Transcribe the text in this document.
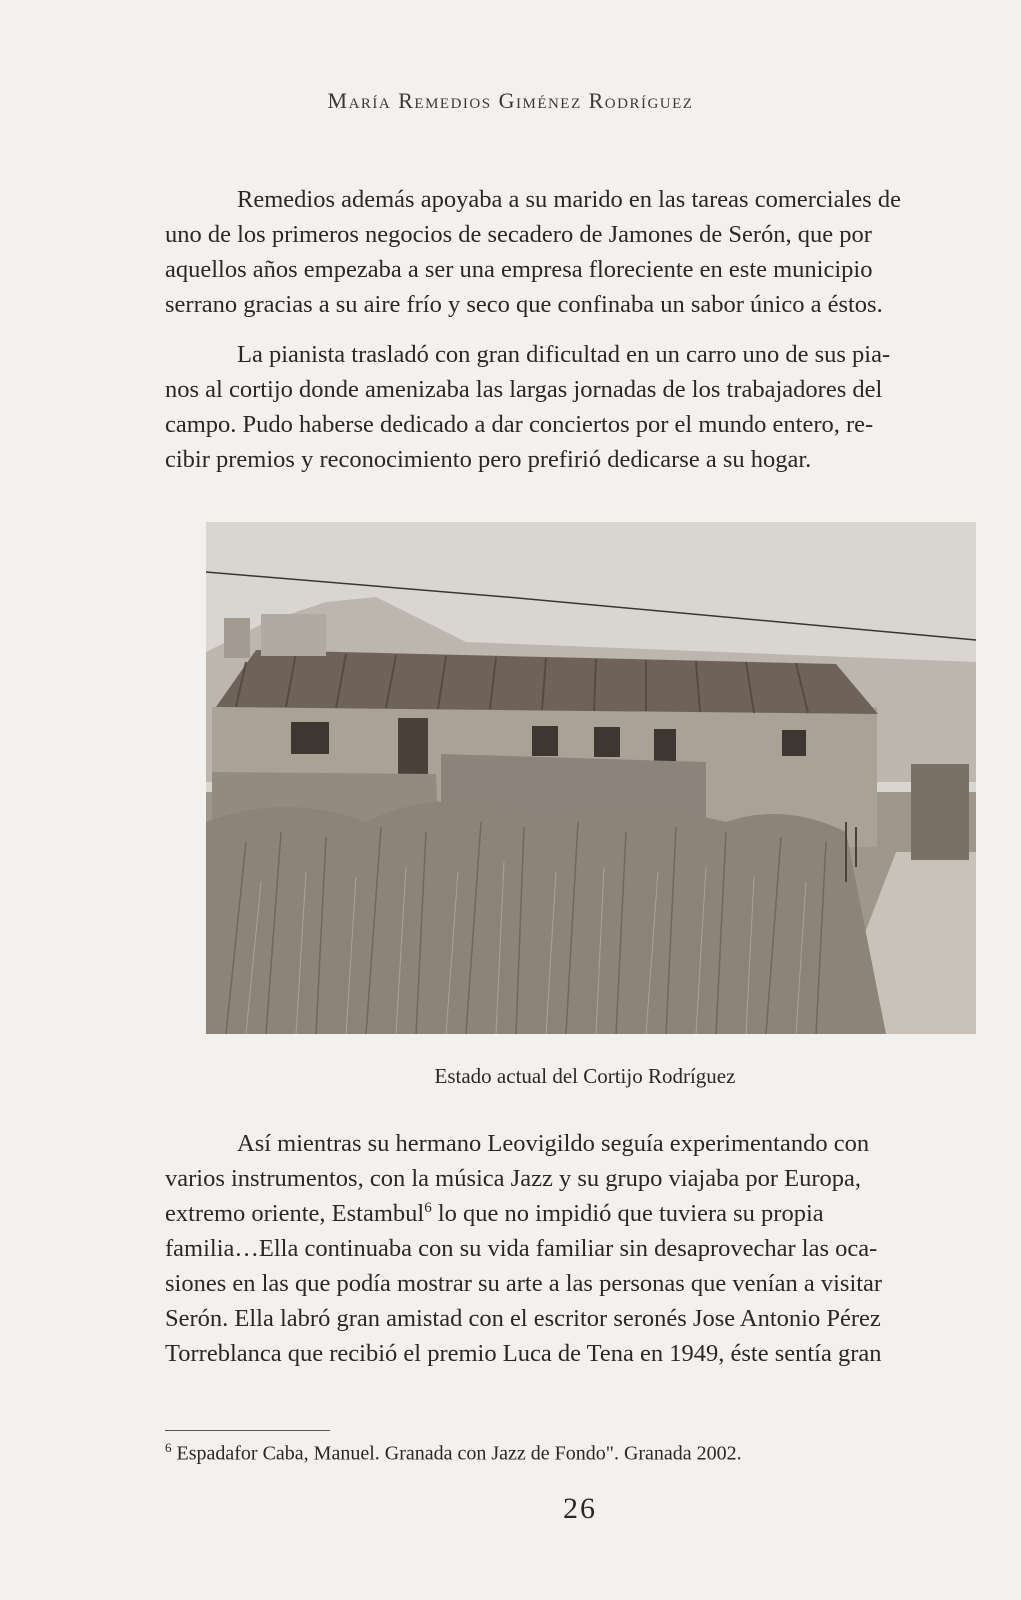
María Remedios Giménez Rodríguez
Remedios además apoyaba a su marido en las tareas comerciales de
uno de los primeros negocios de secadero de Jamones de Serón, que por
aquellos años empezaba a ser una empresa floreciente en este municipio
serrano gracias a su aire frío y seco que confinaba un sabor único a éstos.
La pianista trasladó con gran dificultad en un carro uno de sus pia-
nos al cortijo donde amenizaba las largas jornadas de los trabajadores del
campo. Pudo haberse dedicado a dar conciertos por el mundo entero, re-
cibir premios y reconocimiento pero prefirió dedicarse a su hogar.
Estado actual del Cortijo Rodríguez
Así mientras su hermano Leovigildo seguía experimentando con
varios instrumentos, con la música Jazz y su grupo viajaba por Europa,
extremo oriente, Estambul$^6$ lo que no impidió que tuviera su propia
familia…Ella continuaba con su vida familiar sin desaprovechar las oca-
siones en las que podía mostrar su arte a las personas que venían a visitar
Serón. Ella labró gran amistad con el escritor seronés Jose Antonio Pérez
Torreblanca que recibió el premio Luca de Tena en 1949, éste sentía gran
$^6$ Espadafor Caba, Manuel. Granada con Jazz de Fondo". Granada 2002.
26
